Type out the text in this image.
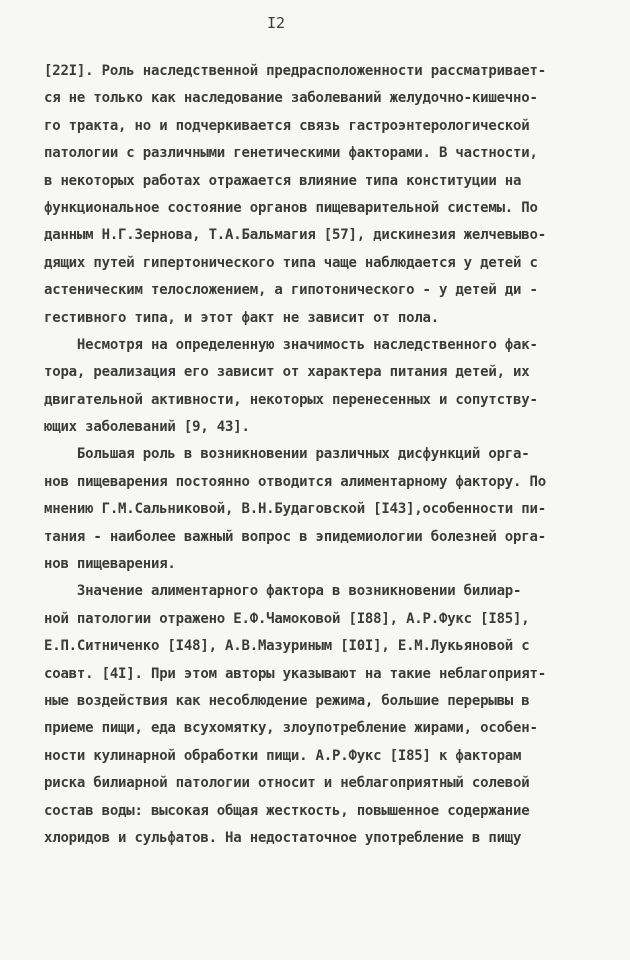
I2
[22I]. Роль наследственной предрасположенности рассматривает-
ся не только как наследование заболеваний желудочно-кишечно-
го тракта, но и подчеркивается связь гастроэнтерологической
патологии с различными генетическими факторами. В частности,
в некоторых работах отражается влияние типа конституции на
функциональное состояние органов пищеварительной системы. По
данным Н.Г.Зернова, Т.А.Бальмагия [57], дискинезия желчевыво-
дящих путей гипертонического типа чаще наблюдается у детей с
астеническим телосложением, а гипотонического - у детей ди -
гестивного типа, и этот факт не зависит от пола.
Несмотря на определенную значимость наследственного фак-
тора, реализация его зависит от характера питания детей, их
двигательной активности, некоторых перенесенных и сопутству-
ющих заболеваний [9, 43].
Большая роль в возникновении различных дисфункций орга-
нов пищеварения постоянно отводится алиментарному фактору. По
мнению Г.М.Сальниковой, В.Н.Будаговской [I43],особенности пи-
тания - наиболее важный вопрос в эпидемиологии болезней орга-
нов пищеварения.
Значение алиментарного фактора в возникновении билиар-
ной патологии отражено Е.Ф.Чамоковой [I88], А.Р.Фукс [I85],
Е.П.Ситниченко [I48], А.В.Мазуриным [I0I], Е.М.Лукьяновой с
соавт. [4I]. При этом авторы указывают на такие неблагоприят-
ные воздействия как несоблюдение режима, большие перерывы в
приеме пищи, еда всухомятку, злоупотребление жирами, особен-
ности кулинарной обработки пищи. А.Р.Фукс [I85] к факторам
риска билиарной патологии относит и неблагоприятный солевой
состав воды: высокая общая жесткость, повышенное содержание
хлоридов и сульфатов. На недостаточное употребление в пищу
